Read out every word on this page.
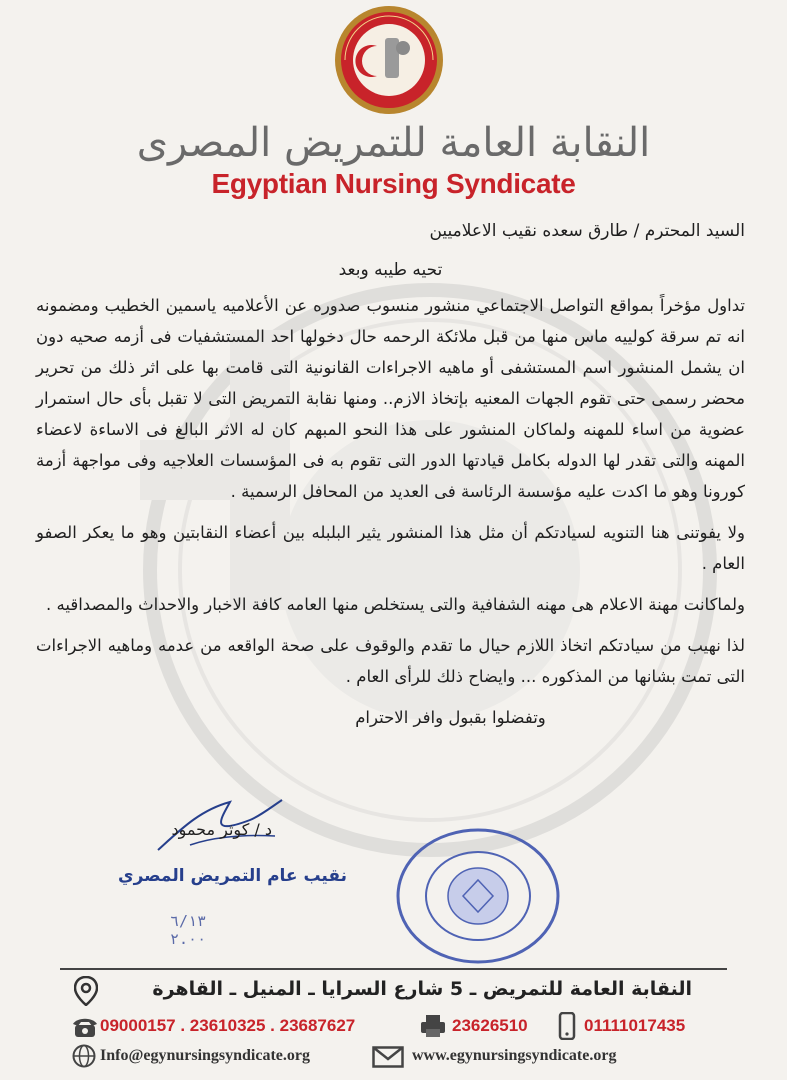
النقابة العامة للتمريض المصرى
Egyptian Nursing Syndicate
السيد المحترم / طارق سعده نقيب الاعلاميين
تحيه طيبه وبعد

تداول مؤخراً بمواقع التواصل الاجتماعي منشور منسوب صدوره عن الأعلاميه ياسمين الخطيب ومضمونه انه تم سرقة كولييه ماس منها من قبل ملائكة الرحمه حال دخولها احد المستشفيات فى أزمه صحيه دون ان يشمل المنشور اسم المستشفى أو ماهيه الاجراءات القانونية التى قامت بها على اثر ذلك من تحرير محضر رسمى حتى تقوم الجهات المعنيه بإتخاذ الازم.. ومنها نقابة التمريض التى لا تقبل بأى حال استمرار عضوية من اساء للمهنه ولماكان المنشور على هذا النحو المبهم كان له الاثر البالغ فى الاساءة لاعضاء المهنه والتى تقدر لها الدوله بكامل قيادتها الدور التى تقوم به فى المؤسسات العلاجيه وفى مواجهة أزمة كورونا وهو ما اكدت عليه مؤسسة الرئاسة فى العديد من المحافل الرسمية .

ولا يفوتنى هنا التنويه لسيادتكم أن مثل هذا المنشور يثير البلبله بين أعضاء النقابتين وهو ما يعكر الصفو العام .

ولماكانت مهنة الاعلام هى مهنه الشفافية والتى يستخلص منها العامه كافة الاخبار والاحداث والمصداقيه .

لذا نهيب من سيادتكم اتخاذ اللازم حيال ما تقدم والوقوف على صحة الواقعه من عدمه وماهيه الاجراءات التى تمت بشانها من المذكوره ... وايضاح ذلك للرأى العام .

وتفضلوا بقبول وافر الاحترام
د / كوثر محمود
نقيب عام التمريض المصري
٦/١٣
٢.٠٠
النقابة العامة للتمريض ـ 5 شارع السرايا ـ المنيل ـ القاهرة
09000157 . 23610325 . 23687627	23626510	01111017435
Info@egynursingsyndicate.org	www.egynursingsyndicate.org
